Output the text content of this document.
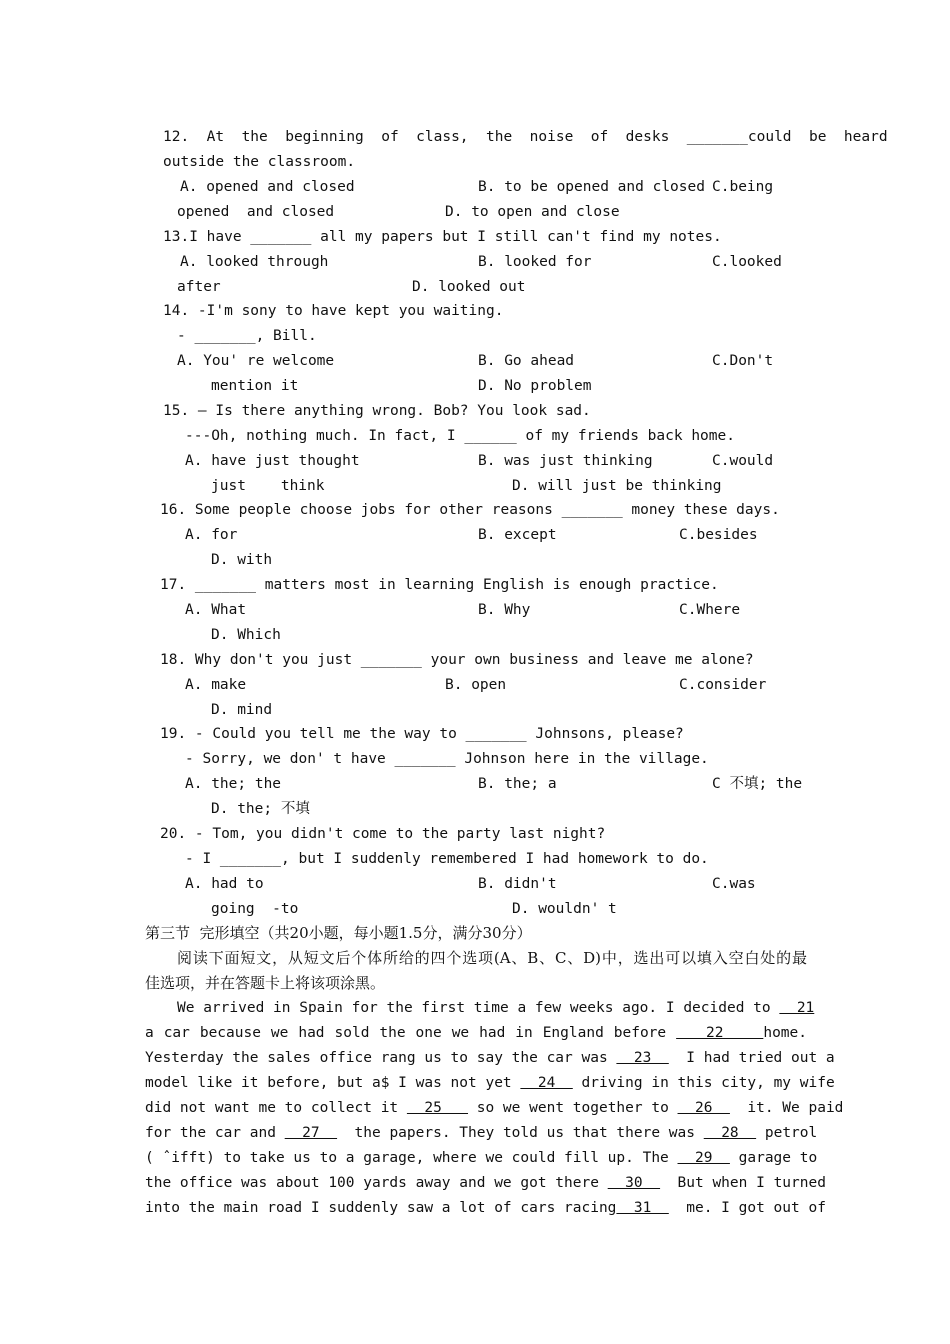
12.  At  the  beginning  of  class,  the  noise  of  desks  _______could  be  heard
outside the classroom.
A. opened and closed	B. to be opened and closed C.being
opened  and closed	D. to open and close
13.I have _______ all my papers but I still can't find my notes.
A. looked through	B. looked for	C.looked
after	D. looked out
14. -I'm sony to have kept you waiting.
- _______, Bill.
A. You' re welcome	B. Go ahead	C.Don't
mention it	D. No problem
15. — Is there anything wrong. Bob? You look sad.
---Oh, nothing much. In fact, I ______ of my friends back home.
A. have just thought	B. was just thinking	C.would
just    think	D. will just be thinking
16. Some people choose jobs for other reasons _______ money these days.
A. for	B. except	C.besides
D. with
17. _______ matters most in learning English is enough practice.
A. What	B. Why	C.Where
D. Which
18. Why don't you just _______ your own business and leave me alone?
A. make	B. open	C.consider
D. mind
19. - Could you tell me the way to _______ Johnsons, please?
- Sorry, we don' t have _______ Johnson here in the village.
A. the; the	B. the; a	C 不填; the
D. the; 不填
20. - Tom, you didn't come to the party last night?
- I _______, but I suddenly remembered I had homework to do.
A. had to	B. didn't	C.was
going  -to	D. wouldn' t
第三节  完形填空（共20小题，每小题1.5分，满分30分）
阅读下面短文，从短文后个体所给的四个选项(A、B、C、D)中，选出可以填入空白处的最
佳选项，并在答题卡上将该项涂黑。
We arrived in Spain for the first time a few weeks ago. I decided to   21
a car because we had sold the one we had in England before    22    home.
Yesterday the sales office rang us to say the car was   23    I had tried out a
model like it before, but a$ I was not yet   24   driving in this city, my wife
did not want me to collect it   25    so we went together to   26    it. We paid
for the car and   27    the papers. They told us that there was   28   petrol
( ˆifft) to take us to a garage, where we could fill up. The   29   garage to
the office was about 100 yards away and we got there   30    But when I turned
into the main road I suddenly saw a lot of cars racing  31    me. I got out of
